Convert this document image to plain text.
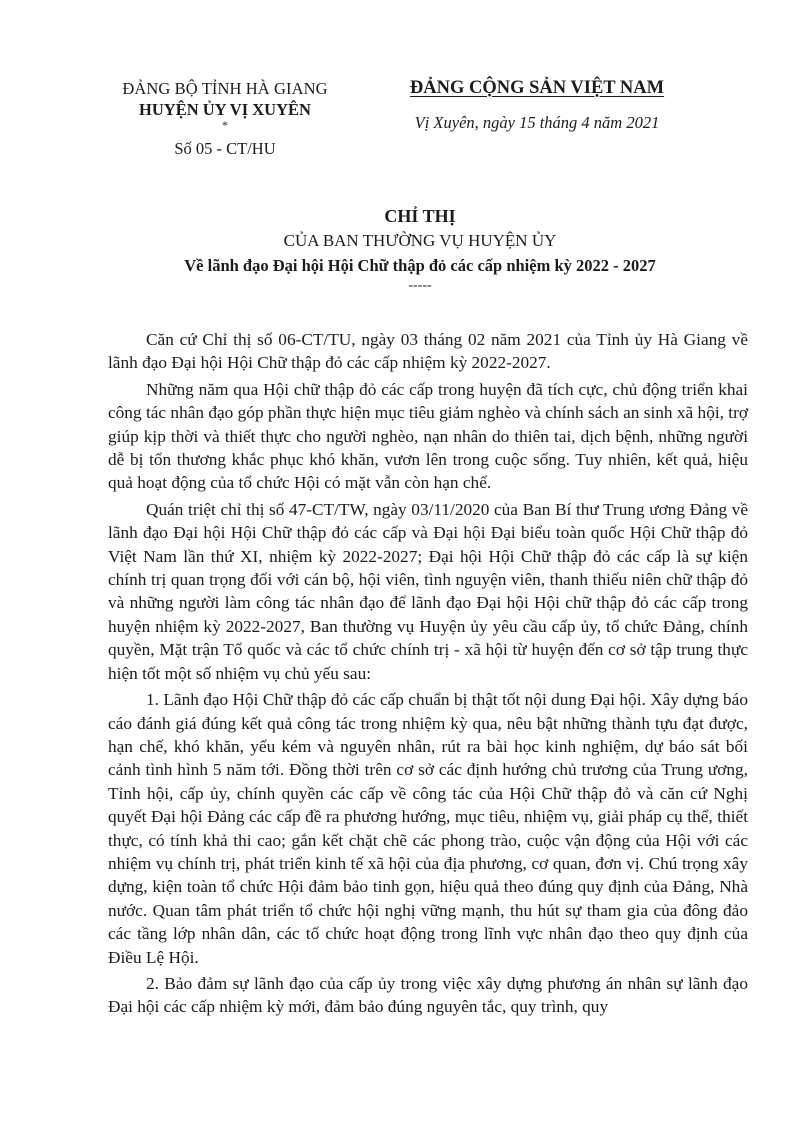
ĐẢNG BỘ TỈNH HÀ GIANG
HUYỆN ỦY VỊ XUYÊN
*
Số 05 - CT/HU
ĐẢNG CỘNG SẢN VIỆT NAM
Vị Xuyên, ngày 15 tháng 4 năm 2021
CHỈ THỊ
CỦA BAN THƯỜNG VỤ HUYỆN ỦY
Về lãnh đạo Đại hội Hội Chữ thập đỏ các cấp nhiệm kỳ 2022 - 2027
-----

Căn cứ Chỉ thị số 06-CT/TU, ngày 03 tháng 02 năm 2021 của Tỉnh ủy Hà Giang về lãnh đạo Đại hội Hội Chữ thập đỏ các cấp nhiệm kỳ 2022-2027.

Những năm qua Hội chữ thập đỏ các cấp trong huyện đã tích cực, chủ động triển khai công tác nhân đạo góp phần thực hiện mục tiêu giảm nghèo và chính sách an sinh xã hội, trợ giúp kịp thời và thiết thực cho người nghèo, nạn nhân do thiên tai, dịch bệnh, những người dễ bị tổn thương khắc phục khó khăn, vươn lên trong cuộc sống. Tuy nhiên, kết quả, hiệu quả hoạt động của tổ chức Hội có mặt vẫn còn hạn chế.

Quán triệt chỉ thị số 47-CT/TW, ngày 03/11/2020 của Ban Bí thư Trung ương Đảng về lãnh đạo Đại hội Hội Chữ thập đỏ các cấp và Đại hội Đại biểu toàn quốc Hội Chữ thập đỏ Việt Nam lần thứ XI, nhiệm kỳ 2022-2027; Đại hội Hội Chữ thập đỏ các cấp là sự kiện chính trị quan trọng đối với cán bộ, hội viên, tình nguyện viên, thanh thiếu niên chữ thập đỏ và những người làm công tác nhân đạo để lãnh đạo Đại hội Hội chữ thập đỏ các cấp trong huyện nhiệm kỳ 2022-2027, Ban thường vụ Huyện ủy yêu cầu cấp ủy, tổ chức Đảng, chính quyền, Mặt trận Tổ quốc và các tổ chức chính trị - xã hội từ huyện đến cơ sở tập trung thực hiện tốt một số nhiệm vụ chủ yếu sau:

1. Lãnh đạo Hội Chữ thập đỏ các cấp chuẩn bị thật tốt nội dung Đại hội. Xây dựng báo cáo đánh giá đúng kết quả công tác trong nhiệm kỳ qua, nêu bật những thành tựu đạt được, hạn chế, khó khăn, yếu kém và nguyên nhân, rút ra bài học kinh nghiệm, dự báo sát bối cảnh tình hình 5 năm tới. Đồng thời trên cơ sở các định hướng chủ trương của Trung ương, Tỉnh hội, cấp ủy, chính quyền các cấp về công tác của Hội Chữ thập đỏ và căn cứ Nghị quyết Đại hội Đảng các cấp đề ra phương hướng, mục tiêu, nhiệm vụ, giải pháp cụ thể, thiết thực, có tính khả thi cao; gắn kết chặt chẽ các phong trào, cuộc vận động của Hội với các nhiệm vụ chính trị, phát triển kinh tế xã hội của địa phương, cơ quan, đơn vị. Chú trọng xây dựng, kiện toàn tổ chức Hội đảm bảo tinh gọn, hiệu quả theo đúng quy định của Đảng, Nhà nước. Quan tâm phát triển tổ chức hội nghị vững mạnh, thu hút sự tham gia của đông đảo các tầng lớp nhân dân, các tổ chức hoạt động trong lĩnh vực nhân đạo theo quy định của Điều Lệ Hội.

2. Bảo đảm sự lãnh đạo của cấp ủy trong việc xây dựng phương án nhân sự lãnh đạo Đại hội các cấp nhiệm kỳ mới, đảm bảo đúng nguyên tắc, quy trình, quy
